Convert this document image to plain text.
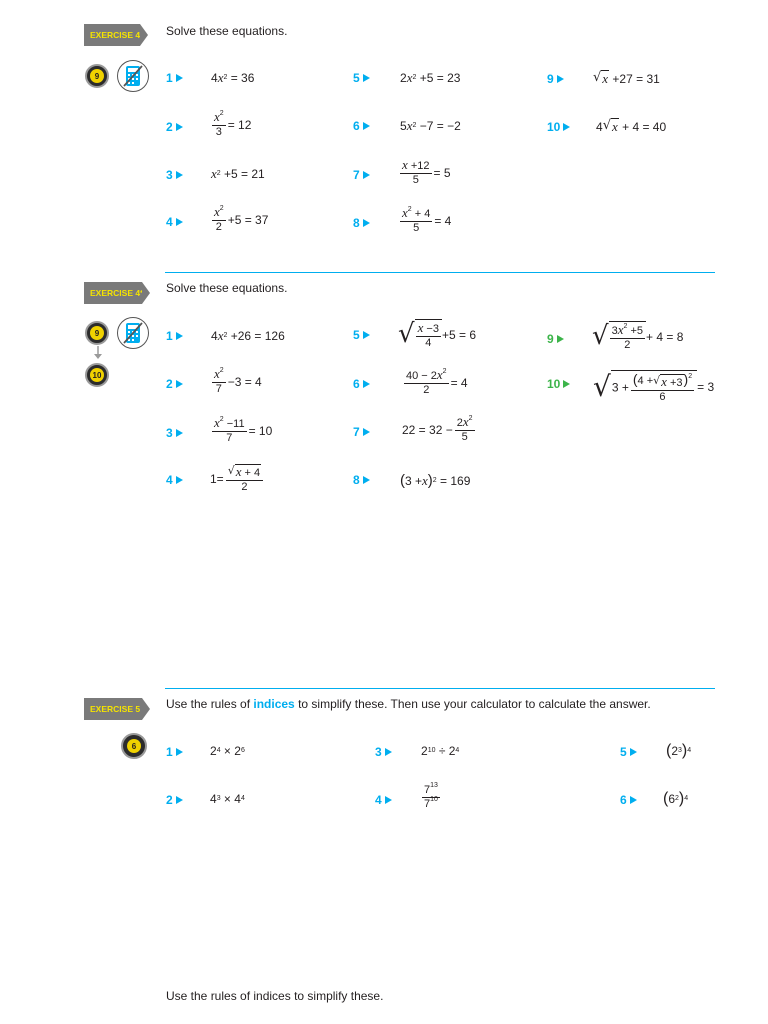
EXERCISE 4 Solve these equations.
9	1	4 x 2 = 36
2	$\frac{x^2}{3} = 12$
3	x 2 +5 = 21
4	$\frac{x^2}{2} +5 = 37$
5	2 x 2 +5 = 23
6	5 x 2 −7 = −2
7	$\frac{x +12}{5} = 5$
8	$\frac{x^2 + 4}{5} = 4$
9	√ x +27 = 31
10	4 √ x + 4 = 40
EXERCISE 4* Solve these equations.
9
10
1	4 x 2 +26 = 126
2	$\frac{x^2}{7} -3 = 4$
3	$\frac{x^2 -11}{7} = 10$
4	$1= \frac{√ x + 4}{2}$
5 √ $\frac{x -3}{4} +5 = 6$
6	$\frac{40 - 2x^2}{2} = 4$
7	$22 = 32 - \frac{2x^2}{5}$
8	( 3 + x ) 2 = 169
9 √ $\frac{3x^2 +5}{2} + 4 = 8$
10 √ $3 + \frac{(4 + √ x +3 )^2}{6} = 3$
EXERCISE 5 Use the rules of indices to simplify these. Then use your calculator to calculate the answer.
6	1	2 4 × 2 6
2	4 3 × 4 4
3	2 10 ÷ 2 4
4	$\frac{7^{13}}{7^{10}}$
5 ( 2 3 ) 4
6 ( 6 2 ) 4
Use the rules of indices to simplify these.
